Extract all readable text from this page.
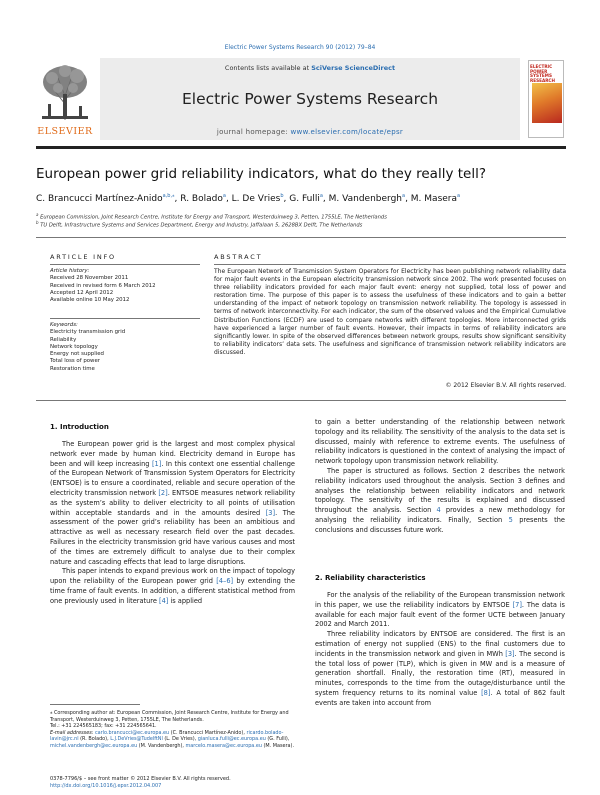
Electric Power Systems Research 90 (2012) 79–84
ELSEVIER
Contents lists available at SciVerse ScienceDirect
Electric Power Systems Research
journal homepage: www.elsevier.com/locate/epsr
ELECTRIC POWER SYSTEMS RESEARCH
European power grid reliability indicators, what do they really tell?
C. Brancucci Martínez-Anido$^{a,b,⁎}$, R. Bolado$^a$, L. De Vries$^b$, G. Fulli$^a$, M. Vandenbergh$^a$, M. Masera$^a$
$^a$ European Commission, Joint Research Centre, Institute for Energy and Transport, Westerduinweg 3, Petten, 1755LE, The Netherlands
$^b$ TU Delft, Infrastructure Systems and Services Department, Energy and Industry, Jaffalaan 5, 2628BX Delft, The Netherlands
ARTICLE INFO
Article history:
Received 28 November 2011
Received in revised form 6 March 2012
Accepted 12 April 2012
Available online 10 May 2012
Keywords:
Electricity transmission grid
Reliability
Network topology
Energy not supplied
Total loss of power
Restoration time
ABSTRACT
The European Network of Transmission System Operators for Electricity has been publishing network reliability data for major fault events in the European electricity transmission network since 2002. The work presented focuses on three reliability indicators provided for each major fault event: energy not supplied, total loss of power and restoration time. The purpose of this paper is to assess the usefulness of these indicators and to gain a better understanding of the impact of network topology on transmission network reliability. The topology is assessed in terms of network interconnectivity. For each indicator, the sum of the observed values and the Empirical Cumulative Distribution Functions (ECDF) are used to compare networks with different topologies. More interconnected grids have experienced a larger number of fault events. However, their impacts in terms of reliability indicators are significantly lower. In spite of the observed differences between network groups, results show significant sensitivity to reliability indicators’ data sets. The usefulness and significance of transmission network reliability indicators are discussed.
© 2012 Elsevier B.V. All rights reserved.
1. Introduction

The European power grid is the largest and most complex physical network ever made by human kind. Electricity demand in Europe has been and will keep increasing [1]. In this context one essential challenge of the European Network of Transmission System Operators for Electricity (ENTSOE) is to ensure a coordinated, reliable and secure operation of the electricity transmission network [2]. ENTSOE measures network reliability as the system’s ability to deliver electricity to all points of utilisation within acceptable standards and in the amounts desired [3]. The assessment of the power grid’s reliability has been an ambitious and attractive as well as necessary research field over the past decades. Failures in the electricity transmission grid have various causes and most of the times are extremely difficult to analyse due to their complex nature and cascading effects that lead to large disruptions.

This paper intends to expand previous work on the impact of topology upon the reliability of the European power grid [4–6] by extending the time frame of fault events. In addition, a different statistical method from one previously used in literature [4] is applied

to gain a better understanding of the relationship between network topology and its reliability. The sensitivity of the analysis to the data set is discussed, mainly with reference to extreme events. The usefulness of reliability indicators is questioned in the context of analysing the impact of network topology upon transmission network reliability.

The paper is structured as follows. Section 2 describes the network reliability indicators used throughout the analysis. Section 3 defines and analyses the relationship between reliability indicators and network topology. The sensitivity of the results is explained and discussed throughout the analysis. Section 4 provides a new methodology for analysing the reliability indicators. Finally, Section 5 presents the conclusions and discusses future work.

2. Reliability characteristics

For the analysis of the reliability of the European transmission network in this paper, we use the reliability indicators by ENTSOE [7]. The data is available for each major fault event of the former UCTE between January 2002 and March 2011.

Three reliability indicators by ENTSOE are considered. The first is an estimation of energy not supplied (ENS) to the final customers due to incidents in the transmission network and given in MWh [3]. The second is the total loss of power (TLP), which is given in MW and is a measure of generation shortfall. Finally, the restoration time (RT), measured in minutes, corresponds to the time from the outage/disturbance until the system frequency returns to its nominal value [8]. A total of 862 fault events are taken into account from

⁎ Corresponding author at: European Commission, Joint Research Centre, Institute for Energy and Transport, Westerduinweg 3, Petten, 1755LE, The Netherlands.
Tel.: +31 224565183; fax: +31 224565641.
E-mail addresses: carlo.brancucci@ec.europa.eu (C. Brancucci Martínez-Anido), ricardo.bolado-lavin@jrc.nl (R. Bolado), L.J.DeVries@TudelftNl (L. De Vries), gianluca.fulli@ec.europa.eu (G. Fulli), michel.vandenbergh@ec.europa.eu (M. Vandenbergh), marcelo.masera@ec.europa.eu (M. Masera).
0378-7796/$ – see front matter © 2012 Elsevier B.V. All rights reserved.
http://dx.doi.org/10.1016/j.epsr.2012.04.007
